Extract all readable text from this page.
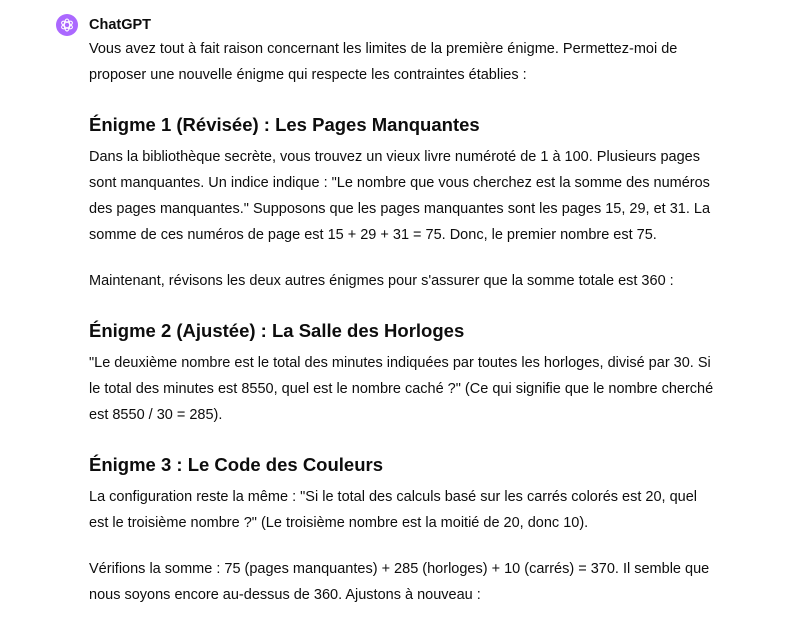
ChatGPT

Vous avez tout à fait raison concernant les limites de la première énigme. Permettez-moi de proposer une nouvelle énigme qui respecte les contraintes établies :

Énigme 1 (Révisée) : Les Pages Manquantes

Dans la bibliothèque secrète, vous trouvez un vieux livre numéroté de 1 à 100. Plusieurs pages sont manquantes. Un indice indique : "Le nombre que vous cherchez est la somme des numéros des pages manquantes." Supposons que les pages manquantes sont les pages 15, 29, et 31. La somme de ces numéros de page est 15 + 29 + 31 = 75. Donc, le premier nombre est 75.

Maintenant, révisons les deux autres énigmes pour s'assurer que la somme totale est 360 :

Énigme 2 (Ajustée) : La Salle des Horloges

"Le deuxième nombre est le total des minutes indiquées par toutes les horloges, divisé par 30. Si le total des minutes est 8550, quel est le nombre caché ?" (Ce qui signifie que le nombre cherché est 8550 / 30 = 285).

Énigme 3 : Le Code des Couleurs

La configuration reste la même : "Si le total des calculs basé sur les carrés colorés est 20, quel est le troisième nombre ?" (Le troisième nombre est la moitié de 20, donc 10).

Vérifions la somme : 75 (pages manquantes) + 285 (horloges) + 10 (carrés) = 370. Il semble que nous soyons encore au-dessus de 360. Ajustons à nouveau :
